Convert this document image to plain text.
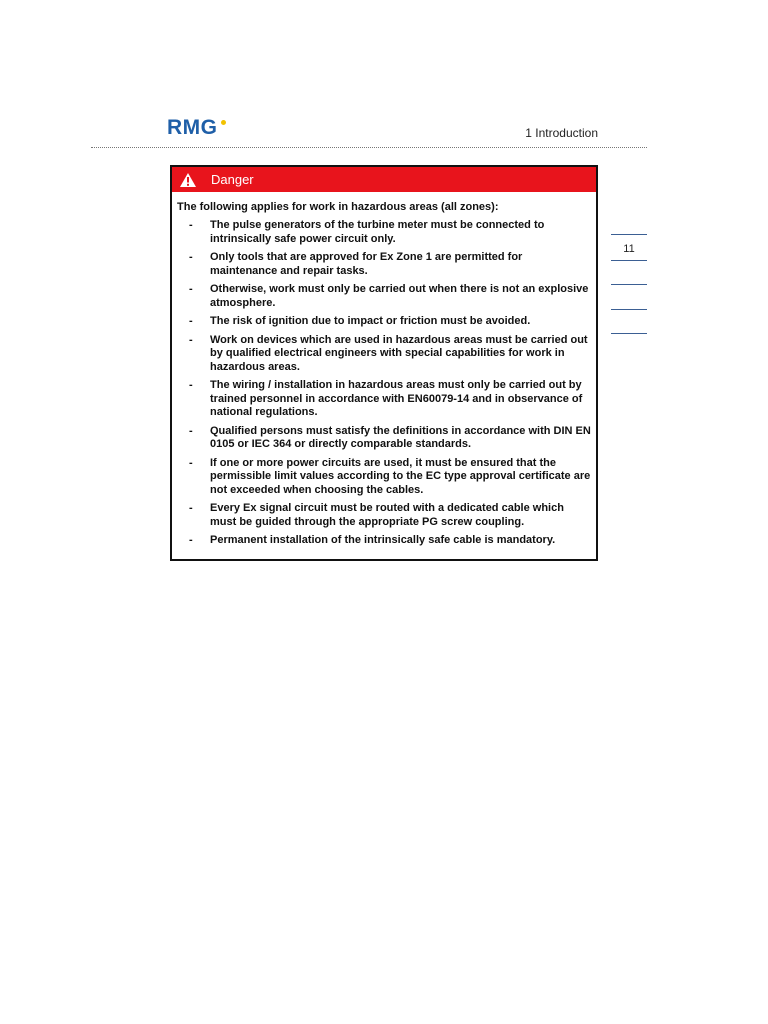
RMG	1 Introduction
11
Danger
The following applies for work in hazardous areas (all zones):
-	The pulse generators of the turbine meter must be connected to intrinsically safe power circuit only.
-	Only tools that are approved for Ex Zone 1 are permitted for maintenance and repair tasks.
-	Otherwise, work must only be carried out when there is not an explosive atmosphere.
-	The risk of ignition due to impact or friction must be avoided.
-	Work on devices which are used in hazardous areas must be carried out by qualified electrical engineers with special capabilities for work in hazardous areas.
-	The wiring / installation in hazardous areas must only be carried out by trained personnel in accordance with EN60079-14 and in observance of national regulations.
-	Qualified persons must satisfy the definitions in accordance with DIN EN 0105 or IEC 364 or directly comparable standards.
-	If one or more power circuits are used, it must be ensured that the permissible limit values according to the EC type approval certificate are not exceeded when choosing the cables.
-	Every Ex signal circuit must be routed with a dedicated cable which must be guided through the appropriate PG screw coupling.
-	Permanent installation of the intrinsically safe cable is mandatory.
